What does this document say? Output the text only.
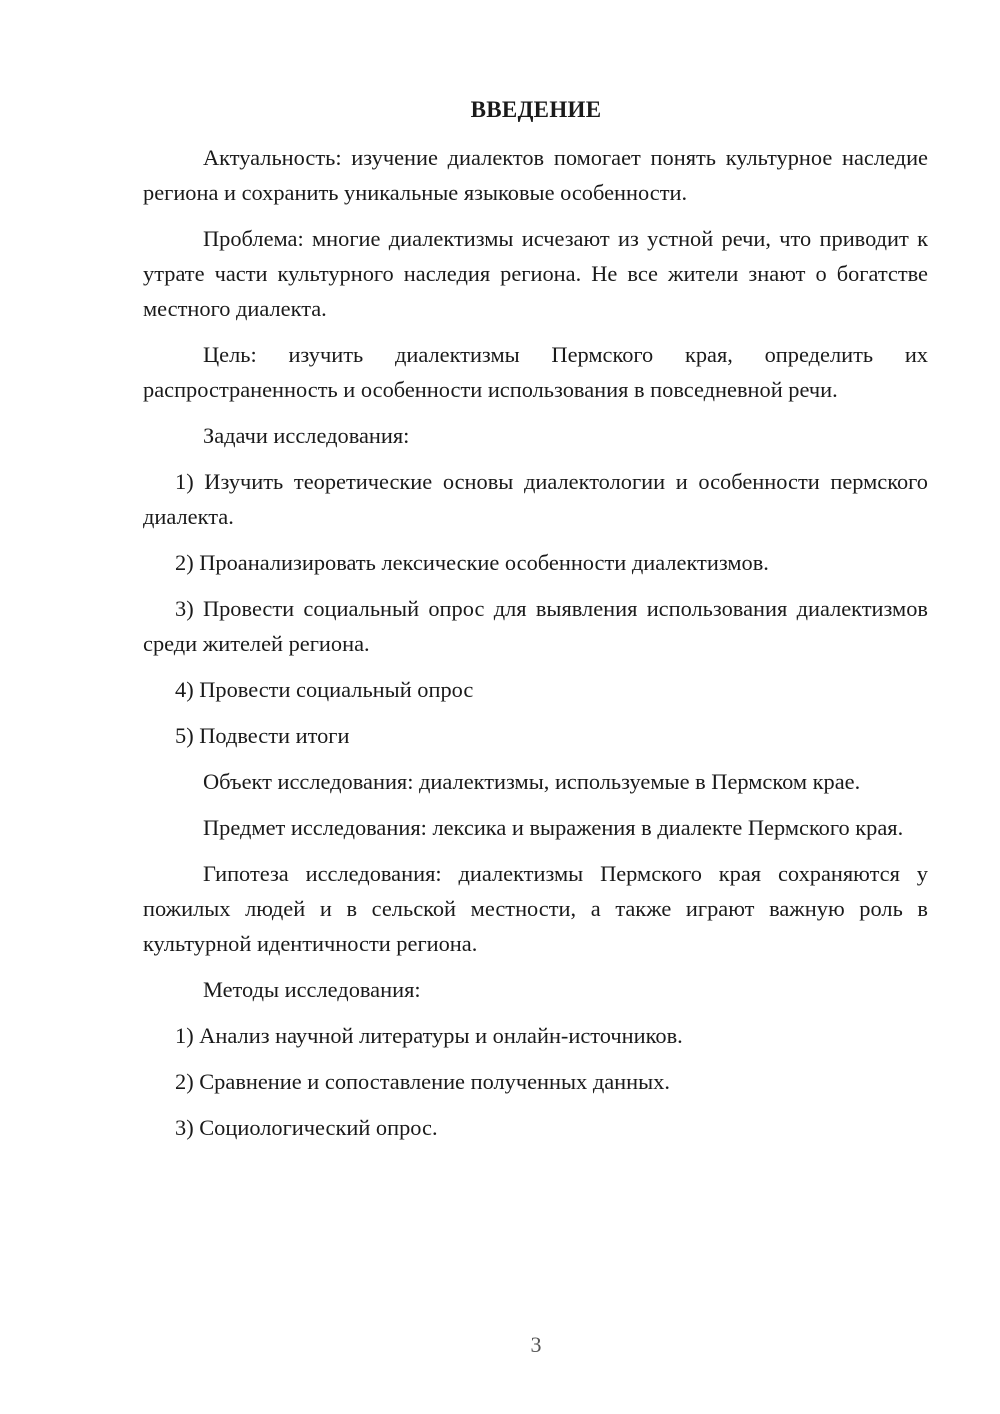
ВВЕДЕНИЕ

Актуальность: изучение диалектов помогает понять культурное наследие региона и сохранить уникальные языковые особенности.

Проблема: многие диалектизмы исчезают из устной речи, что приводит к утрате части культурного наследия региона. Не все жители знают о богатстве местного диалекта.

Цель: изучить диалектизмы Пермского края, определить их распространенность и особенности использования в повседневной речи.

Задачи исследования:

1) Изучить теоретические основы диалектологии и особенности пермского диалекта.

2) Проанализировать лексические особенности диалектизмов.

3) Провести социальный опрос для выявления использования диалектизмов среди жителей региона.

4) Провести социальный опрос

5) Подвести итоги

Объект исследования: диалектизмы, используемые в Пермском крае.

Предмет исследования: лексика и выражения в диалекте Пермского края.

Гипотеза исследования: диалектизмы Пермского края сохраняются у пожилых людей и в сельской местности, а также играют важную роль в культурной идентичности региона.

Методы исследования:

1) Анализ научной литературы и онлайн-источников.

2) Сравнение и сопоставление полученных данных.

3) Социологический опрос.

3
